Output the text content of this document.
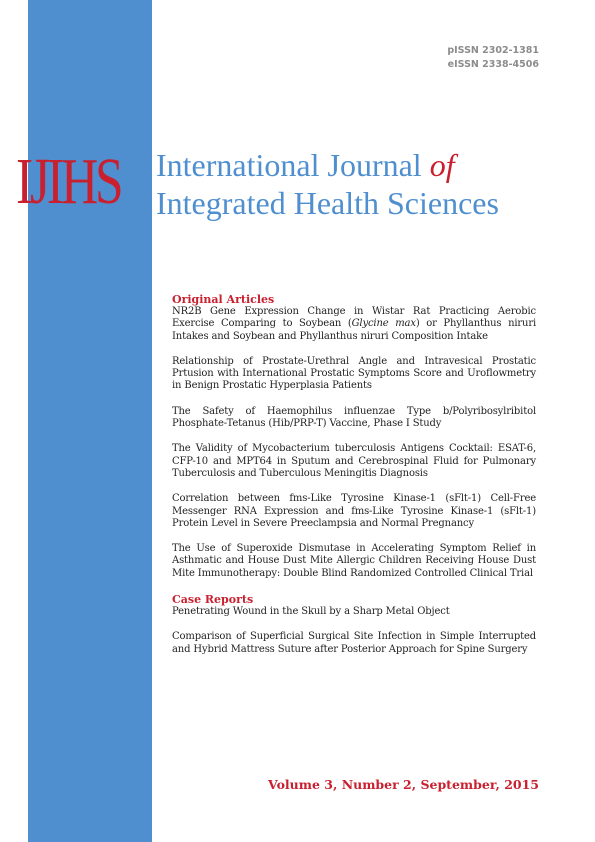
pISSN 2302-1381
eISSN 2338-4506
IJIHS International Journal of
Integrated Health Sciences
Original Articles
NR2B Gene Expression Change in Wistar Rat Practicing Aerobic Exercise Comparing to Soybean (Glycine max) or Phyllanthus niruri Intakes and Soybean and Phyllanthus niruri Composition Intake
Relationship of Prostate-Urethral Angle and Intravesical Prostatic Prtusion with International Prostatic Symptoms Score and Uroflowmetry in Benign Prostatic Hyperplasia Patients
The Safety of Haemophilus influenzae Type b/Polyribosylribitol Phosphate-Tetanus (Hib/PRP-T) Vaccine, Phase I Study
The Validity of Mycobacterium tuberculosis Antigens Cocktail: ESAT-6, CFP-10 and MPT64 in Sputum and Cerebrospinal Fluid for Pulmonary Tuberculosis and Tuberculous Meningitis Diagnosis
Correlation between fms-Like Tyrosine Kinase-1 (sFlt-1) Cell-Free Messenger RNA Expression and fms-Like Tyrosine Kinase-1 (sFlt-1) Protein Level in Severe Preeclampsia and Normal Pregnancy
The Use of Superoxide Dismutase in Accelerating Symptom Relief in Asthmatic and House Dust Mite Allergic Children Receiving House Dust Mite Immunotherapy: Double Blind Randomized Controlled Clinical Trial
Case Reports
Penetrating Wound in the Skull by a Sharp Metal Object
Comparison of Superficial Surgical Site Infection in Simple Interrupted and Hybrid Mattress Suture after Posterior Approach for Spine Surgery
Volume 3, Number 2, September, 2015
